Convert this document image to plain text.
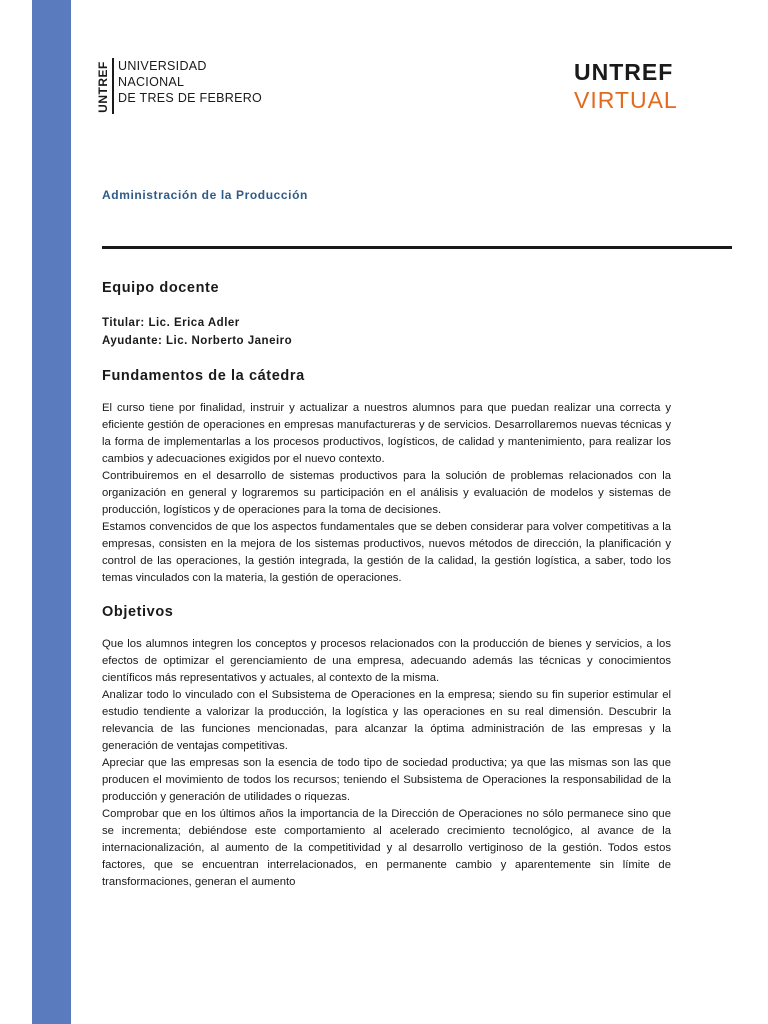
UNTREF UNIVERSIDAD
NACIONAL
DE TRES DE FEBRERO
UNTREF
VIRTUAL
Administración de la Producción
Equipo docente
Titular: Lic. Erica Adler
Ayudante: Lic. Norberto Janeiro
Fundamentos de la cátedra

El curso tiene por finalidad, instruir y actualizar a nuestros alumnos para que puedan realizar una correcta y eficiente gestión de operaciones en empresas manufactureras y de servicios. Desarrollaremos nuevas técnicas y la forma de implementarlas a los procesos productivos, logísticos, de calidad y mantenimiento, para realizar los cambios y adecuaciones exigidos por el nuevo contexto.

Contribuiremos en el desarrollo de sistemas productivos para la solución de problemas relacionados con la organización en general y lograremos su participación en el análisis y evaluación de modelos y sistemas de producción, logísticos y de operaciones para la toma de decisiones.

Estamos convencidos de que los aspectos fundamentales que se deben considerar para volver competitivas a la empresas, consisten en la mejora de los sistemas productivos, nuevos métodos de dirección, la planificación y control de las operaciones, la gestión integrada, la gestión de la calidad, la gestión logística, a saber, todo los temas vinculados con la materia, la gestión de operaciones.

Objetivos

Que los alumnos integren los conceptos y procesos relacionados con la producción de bienes y servicios, a los efectos de optimizar el gerenciamiento de una empresa, adecuando además las técnicas y conocimientos científicos más representativos y actuales, al contexto de la misma.

Analizar todo lo vinculado con el Subsistema de Operaciones en la empresa; siendo su fin superior estimular el estudio tendiente a valorizar la producción, la logística y las operaciones en su real dimensión. Descubrir la relevancia de las funciones mencionadas, para alcanzar la óptima administración de las empresas y la generación de ventajas competitivas.

Apreciar que las empresas son la esencia de todo tipo de sociedad productiva; ya que las mismas son las que producen el movimiento de todos los recursos; teniendo el Subsistema de Operaciones la responsabilidad de la producción y generación de utilidades o riquezas.

Comprobar que en los últimos años la importancia de la Dirección de Operaciones no sólo permanece sino que se incrementa; debiéndose este comportamiento al acelerado crecimiento tecnológico, al avance de la internacionalización, al aumento de la competitividad y al desarrollo vertiginoso de la gestión. Todos estos factores, que se encuentran interrelacionados, en permanente cambio y aparentemente sin límite de transformaciones, generan el aumento
